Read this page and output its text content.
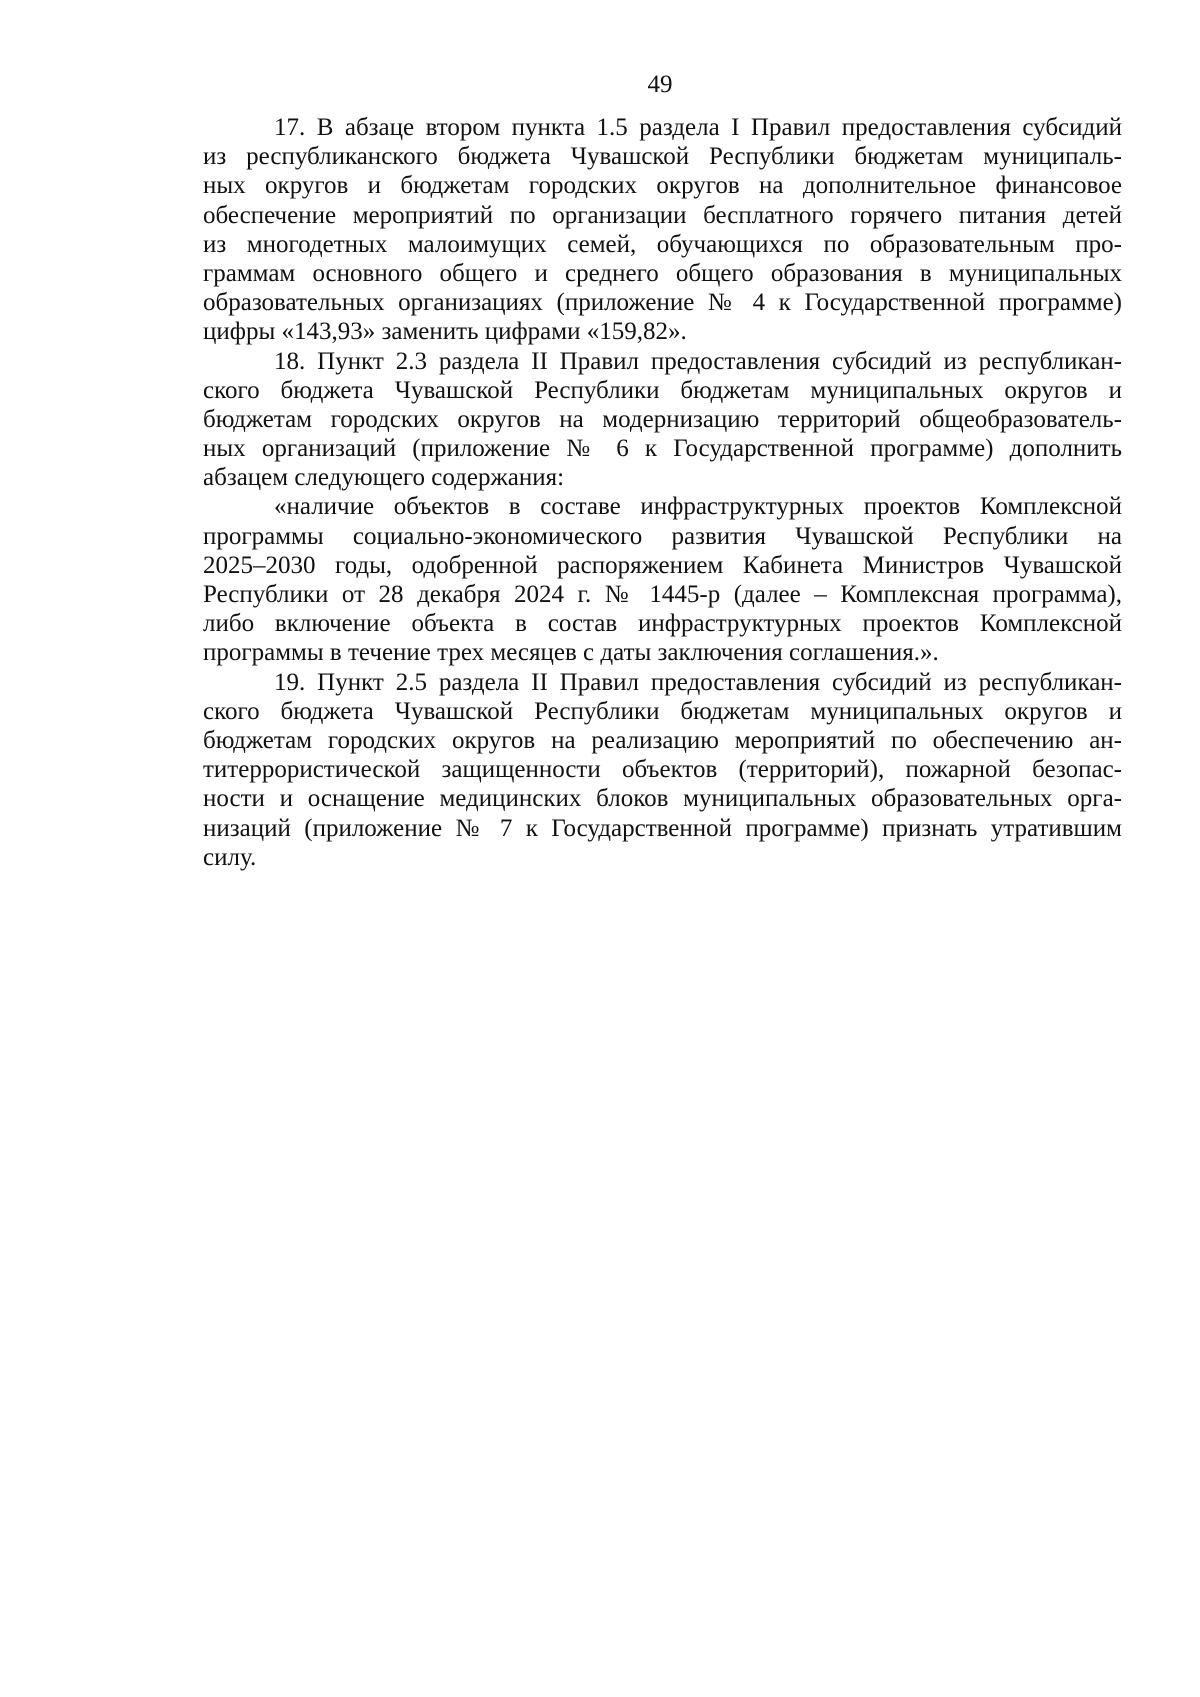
49
17. В абзаце втором пункта 1.5 раздела I Правил предоставления субсидий
из республиканского бюджета Чувашской Республики бюджетам муниципаль-
ных округов и бюджетам городских округов на дополнительное финансовое
обеспечение мероприятий по организации бесплатного горячего питания детей
из многодетных малоимущих семей, обучающихся по образовательным про-
граммам основного общего и среднего общего образования в муниципальных
образовательных организациях (приложение № 4 к Государственной программе)
цифры «143,93» заменить цифрами «159,82».
18. Пункт 2.3 раздела II Правил предоставления субсидий из республикан-
ского бюджета Чувашской Республики бюджетам муниципальных округов и
бюджетам городских округов на модернизацию территорий общеобразователь-
ных организаций (приложение № 6 к Государственной программе) дополнить
абзацем следующего содержания:
«наличие объектов в составе инфраструктурных проектов Комплексной
программы социально-экономического развития Чувашской Республики на
2025–2030 годы, одобренной распоряжением Кабинета Министров Чувашской
Республики от 28 декабря 2024 г. № 1445-р (далее – Комплексная программа),
либо включение объекта в состав инфраструктурных проектов Комплексной
программы в течение трех месяцев с даты заключения соглашения.».
19. Пункт 2.5 раздела II Правил предоставления субсидий из республикан-
ского бюджета Чувашской Республики бюджетам муниципальных округов и
бюджетам городских округов на реализацию мероприятий по обеспечению ан-
титеррористической защищенности объектов (территорий), пожарной безопас-
ности и оснащение медицинских блоков муниципальных образовательных орга-
низаций (приложение № 7 к Государственной программе) признать утратившим
силу.
